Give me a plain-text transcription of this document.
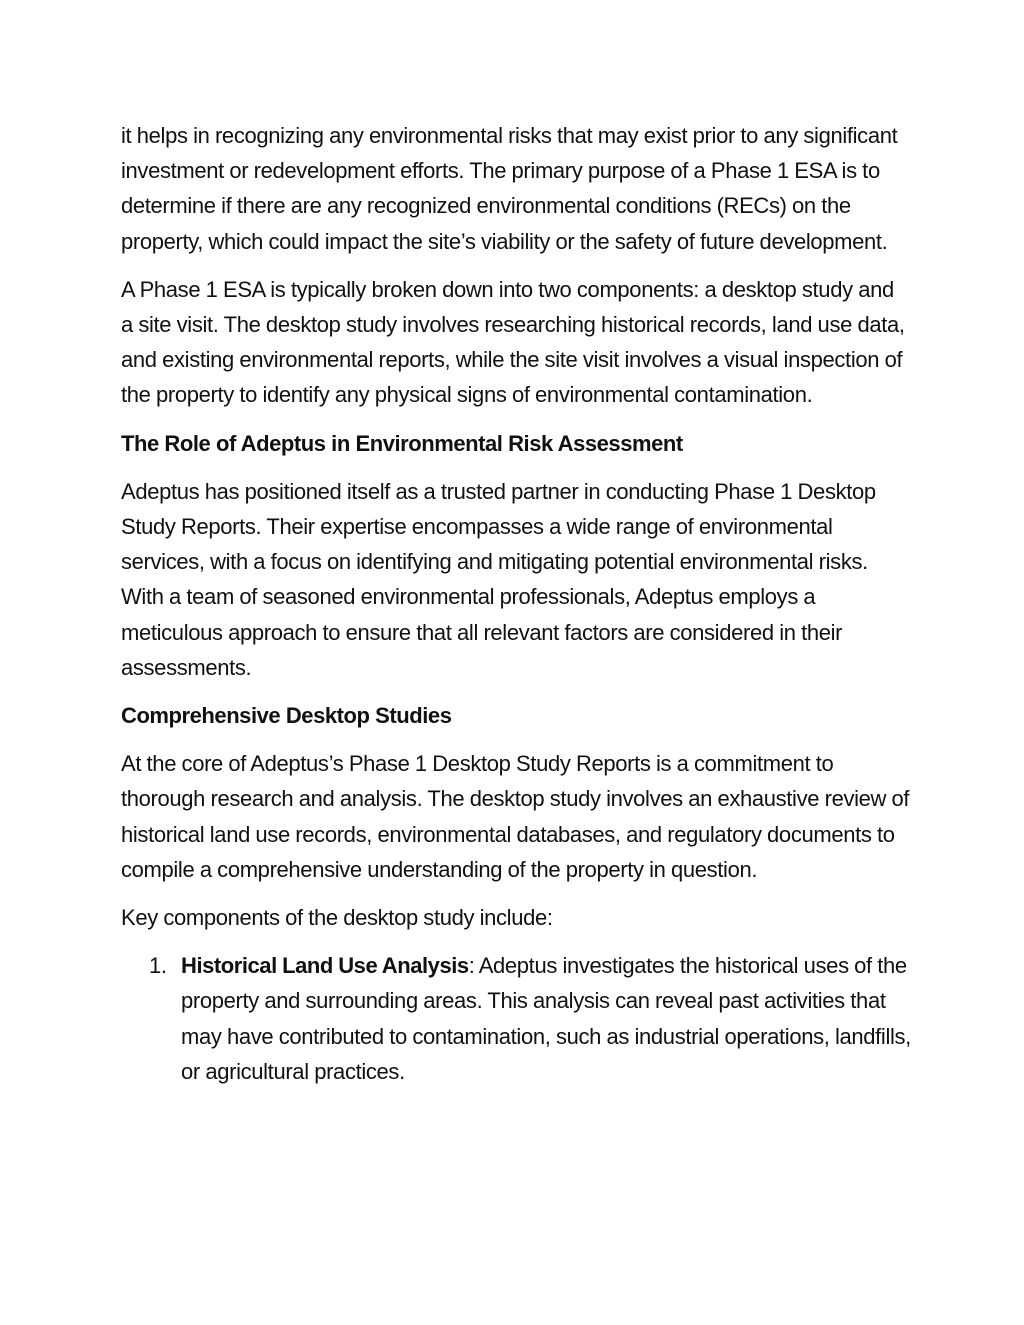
it helps in recognizing any environmental risks that may exist prior to any significant investment or redevelopment efforts. The primary purpose of a Phase 1 ESA is to determine if there are any recognized environmental conditions (RECs) on the property, which could impact the site’s viability or the safety of future development.

A Phase 1 ESA is typically broken down into two components: a desktop study and a site visit. The desktop study involves researching historical records, land use data, and existing environmental reports, while the site visit involves a visual inspection of the property to identify any physical signs of environmental contamination.

The Role of Adeptus in Environmental Risk Assessment

Adeptus has positioned itself as a trusted partner in conducting Phase 1 Desktop Study Reports. Their expertise encompasses a wide range of environmental services, with a focus on identifying and mitigating potential environmental risks. With a team of seasoned environmental professionals, Adeptus employs a meticulous approach to ensure that all relevant factors are considered in their assessments.

Comprehensive Desktop Studies

At the core of Adeptus’s Phase 1 Desktop Study Reports is a commitment to thorough research and analysis. The desktop study involves an exhaustive review of historical land use records, environmental databases, and regulatory documents to compile a comprehensive understanding of the property in question.

Key components of the desktop study include:

1. Historical Land Use Analysis: Adeptus investigates the historical uses of the property and surrounding areas. This analysis can reveal past activities that may have contributed to contamination, such as industrial operations, landfills, or agricultural practices.
